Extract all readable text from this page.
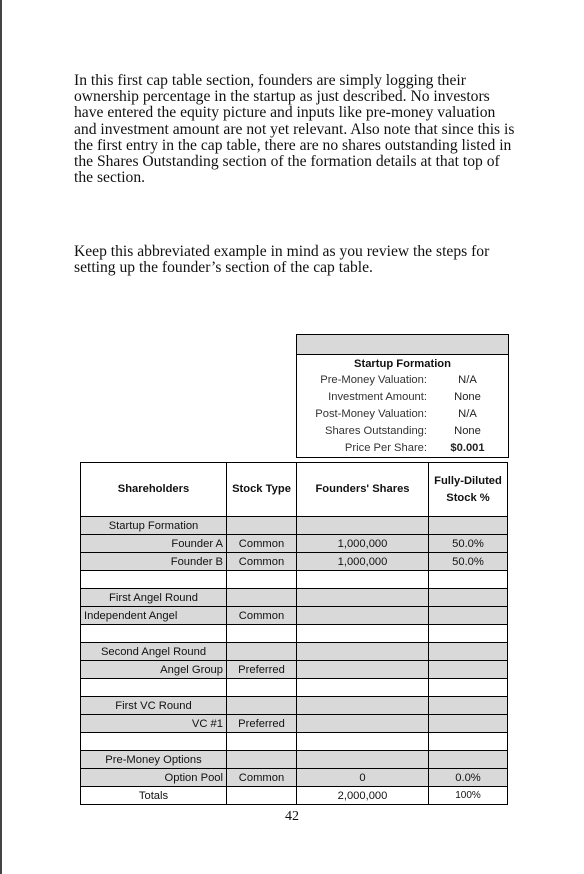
In this first cap table section, founders are simply logging their ownership percentage in the startup as just described. No investors have entered the equity picture and inputs like pre-money valuation and investment amount are not yet relevant. Also note that since this is the first entry in the cap table, there are no shares outstanding listed in the Shares Outstanding section of the formation details at that top of the section.

Keep this abbreviated example in mind as you review the steps for setting up the founder’s section of the cap table.

Startup Formation
Pre-Money Valuation:	N/A
Investment Amount:	None
Post-Money Valuation:	N/A
Shares Outstanding:	None
Price Per Share:	$0.001
Shareholders	Stock Type	Founders' Shares	Fully-Diluted Stock %
Startup Formation			
Founder A	Common	1,000,000	50.0%
Founder B	Common	1,000,000	50.0%

First Angel Round			
Independent Angel	Common		

Second Angel Round			
Angel Group	Preferred		

First VC Round			
VC #1	Preferred		

Pre-Money Options			
Option Pool	Common	0	0.0%
Totals		2,000,000	100%
42
